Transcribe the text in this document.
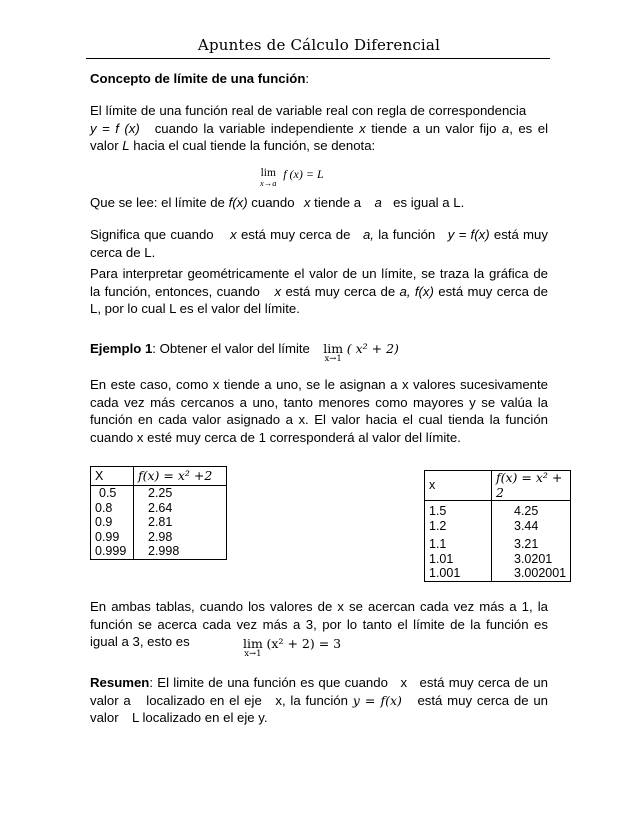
Apuntes de Cálculo Diferencial
Concepto de límite de una función:
El límite de una función real de variable real con regla de correspondencia  y = f (x) cuando la variable independiente x tiende a un valor fijo a, es el valor L hacia el cual tiende la función, se denota:
lim
x→a
f (x) = L
Que se lee: el límite de f(x) cuando x tiende a a es igual a L.
Significa que cuando x está muy cerca de a, la función y = f(x) está muy cerca de L.
Para interpretar geométricamente el valor de un límite, se traza la gráfica de la función, entonces, cuando x está muy cerca de a, f(x) está muy cerca de L, por lo cual L es el valor del límite.
Ejemplo 1: Obtener el valor del límite lim
x→1
( x² + 2)
En este caso, como x tiende a uno, se le asignan a x valores sucesivamente cada vez más cercanos a uno, tanto menores como mayores y se valúa la función en cada valor asignado a x. El valor hacia el cual tienda la función cuando x esté muy cerca de 1 corresponderá al valor del límite.
X	f(x) = x² +2
0.5	2.25
0.8	2.64
0.9	2.81
0.99	2.98
0.999	2.998
x	f(x) = x² + 2
1.5	4.25
1.2	3.44
1.1	3.21
1.01	3.0201
1.001	3.002001
En ambas tablas, cuando los valores de x se acercan cada vez más a 1, la función se acerca cada vez más a 3, por lo tanto el límite de la función es igual a 3, esto es	lim
x→1
(x² + 2) = 3
Resumen: El limite de una función es que cuando x está muy cerca de un valor a localizado en el eje x, la función y = f(x) está muy cerca de un valor L localizado en el eje y.
